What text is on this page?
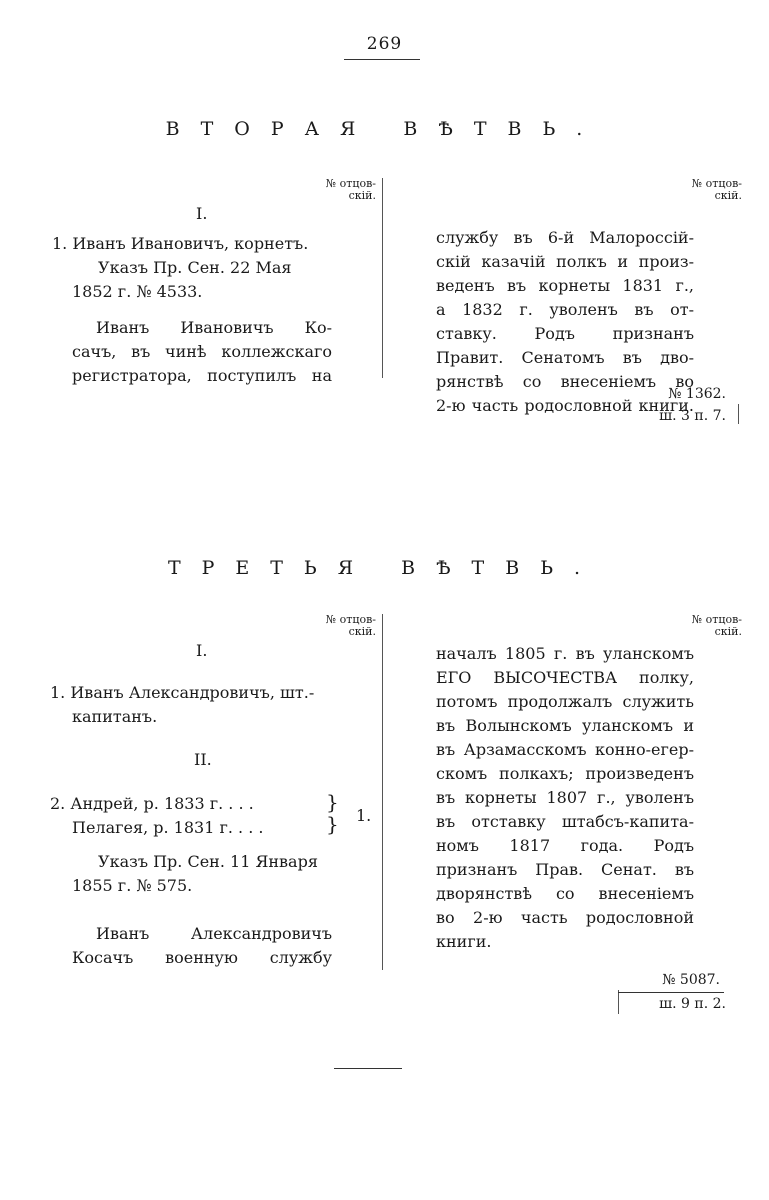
269
ВТОРАЯ ВѢТВЬ.
№ отцов-
скій.
№ отцов-
скій.
I.
1. Иванъ Ивановичъ, корнетъ.
Указъ Пр. Сен. 22 Мая
1852 г. № 4533.
Иванъ Ивановичъ Ко-
сачъ, въ чинѣ коллежскаго
регистратора, поступилъ на
службу въ 6-й Малороссій-
скій казачій полкъ и произ-
веденъ въ корнеты 1831 г.,
а 1832 г. уволенъ въ от-
ставку. Родъ признанъ
Правит. Сенатомъ въ дво-
рянствѣ со внесеніемъ во
2-ю часть родословной книги.
№ 1362.
ш. 3 п. 7.
ТРЕТЬЯ ВѢТВЬ.
№ отцов-
скій.
№ отцов-
скій.
I.
1. Иванъ Александровичъ, шт.-
капитанъ.
II.
2. Андрей, р. 1833 г. . . .
Пелагея, р. 1831 г. . . .
}
} 1.
Указъ Пр. Сен. 11 Января
1855 г. № 575.
Иванъ Александровичъ
Косачъ военную службу
началъ 1805 г. въ уланскомъ
ЕГО ВЫСОЧЕСТВА полку,
потомъ продолжалъ служить
въ Волынскомъ уланскомъ и
въ Арзамасскомъ конно-егер-
скомъ полкахъ; произведенъ
въ корнеты 1807 г., уволенъ
въ отставку штабсъ-капита-
номъ 1817 года. Родъ
признанъ Прав. Сенат. въ
дворянствѣ со внесеніемъ
во 2-ю часть родословной
книги.
№ 5087.
ш. 9 п. 2.
